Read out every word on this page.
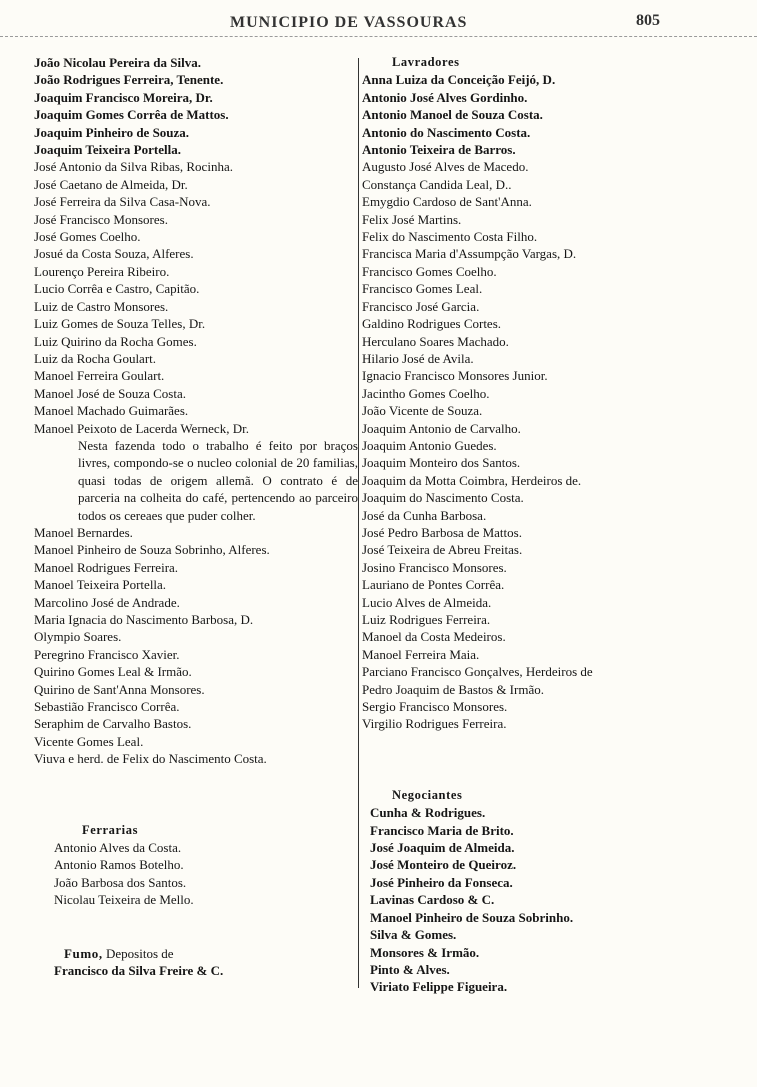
MUNICIPIO DE VASSOURAS	805
João Nicolau Pereira da Silva.
João Rodrigues Ferreira, Tenente.
Joaquim Francisco Moreira, Dr.
Joaquim Gomes Corrêa de Mattos.
Joaquim Pinheiro de Souza.
Joaquim Teixeira Portella.
José Antonio da Silva Ribas, Rocinha.
José Caetano de Almeida, Dr.
José Ferreira da Silva Casa-Nova.
José Francisco Monsores.
José Gomes Coelho.
Josué da Costa Souza, Alferes.
Lourenço Pereira Ribeiro.
Lucio Corrêa e Castro, Capitão.
Luiz de Castro Monsores.
Luiz Gomes de Souza Telles, Dr.
Luiz Quirino da Rocha Gomes.
Luiz da Rocha Goulart.
Manoel Ferreira Goulart.
Manoel José de Souza Costa.
Manoel Machado Guimarães.
Manoel Peixoto de Lacerda Werneck, Dr.
Nesta fazenda todo o trabalho é feito por braços livres, compondo-se o nucleo colonial de 20 familias, quasi todas de origem allemã. O contrato é de parceria na colheita do café, pertencendo ao parceiro todos os cereaes que puder colher.
Manoel Bernardes.
Manoel Pinheiro de Souza Sobrinho, Alferes.
Manoel Rodrigues Ferreira.
Manoel Teixeira Portella.
Marcolino José de Andrade.
Maria Ignacia do Nascimento Barbosa, D.
Olympio Soares.
Peregrino Francisco Xavier.
Quirino Gomes Leal & Irmão.
Quirino de Sant'Anna Monsores.
Sebastião Francisco Corrêa.
Seraphim de Carvalho Bastos.
Vicente Gomes Leal.
Viuva e herd. de Felix do Nascimento Costa.
Ferrarias
Antonio Alves da Costa.
Antonio Ramos Botelho.
João Barbosa dos Santos.
Nicolau Teixeira de Mello.
Fumo, Depositos de
Francisco da Silva Freire & C.
Lavradores
Anna Luiza da Conceição Feijó, D.
Antonio José Alves Gordinho.
Antonio Manoel de Souza Costa.
Antonio do Nascimento Costa.
Antonio Teixeira de Barros.
Augusto José Alves de Macedo.
Constança Candida Leal, D..
Emygdio Cardoso de Sant'Anna.
Felix José Martins.
Felix do Nascimento Costa Filho.
Francisca Maria d'Assumpção Vargas, D.
Francisco Gomes Coelho.
Francisco Gomes Leal.
Francisco José Garcia.
Galdino Rodrigues Cortes.
Herculano Soares Machado.
Hilario José de Avila.
Ignacio Francisco Monsores Junior.
Jacintho Gomes Coelho.
João Vicente de Souza.
Joaquim Antonio de Carvalho.
Joaquim Antonio Guedes.
Joaquim Monteiro dos Santos.
Joaquim da Motta Coimbra, Herdeiros de.
Joaquim do Nascimento Costa.
José da Cunha Barbosa.
José Pedro Barbosa de Mattos.
José Teixeira de Abreu Freitas.
Josino Francisco Monsores.
Lauriano de Pontes Corrêa.
Lucio Alves de Almeida.
Luiz Rodrigues Ferreira.
Manoel da Costa Medeiros.
Manoel Ferreira Maia.
Parciano Francisco Gonçalves, Herdeiros de
Pedro Joaquim de Bastos & Irmão.
Sergio Francisco Monsores.
Virgilio Rodrigues Ferreira.
Negociantes
Cunha & Rodrigues.
Francisco Maria de Brito.
José Joaquim de Almeida.
José Monteiro de Queiroz.
José Pinheiro da Fonseca.
Lavinas Cardoso & C.
Manoel Pinheiro de Souza Sobrinho.
Silva & Gomes.
Monsores & Irmão.
Pinto & Alves.
Viriato Felippe Figueira.
